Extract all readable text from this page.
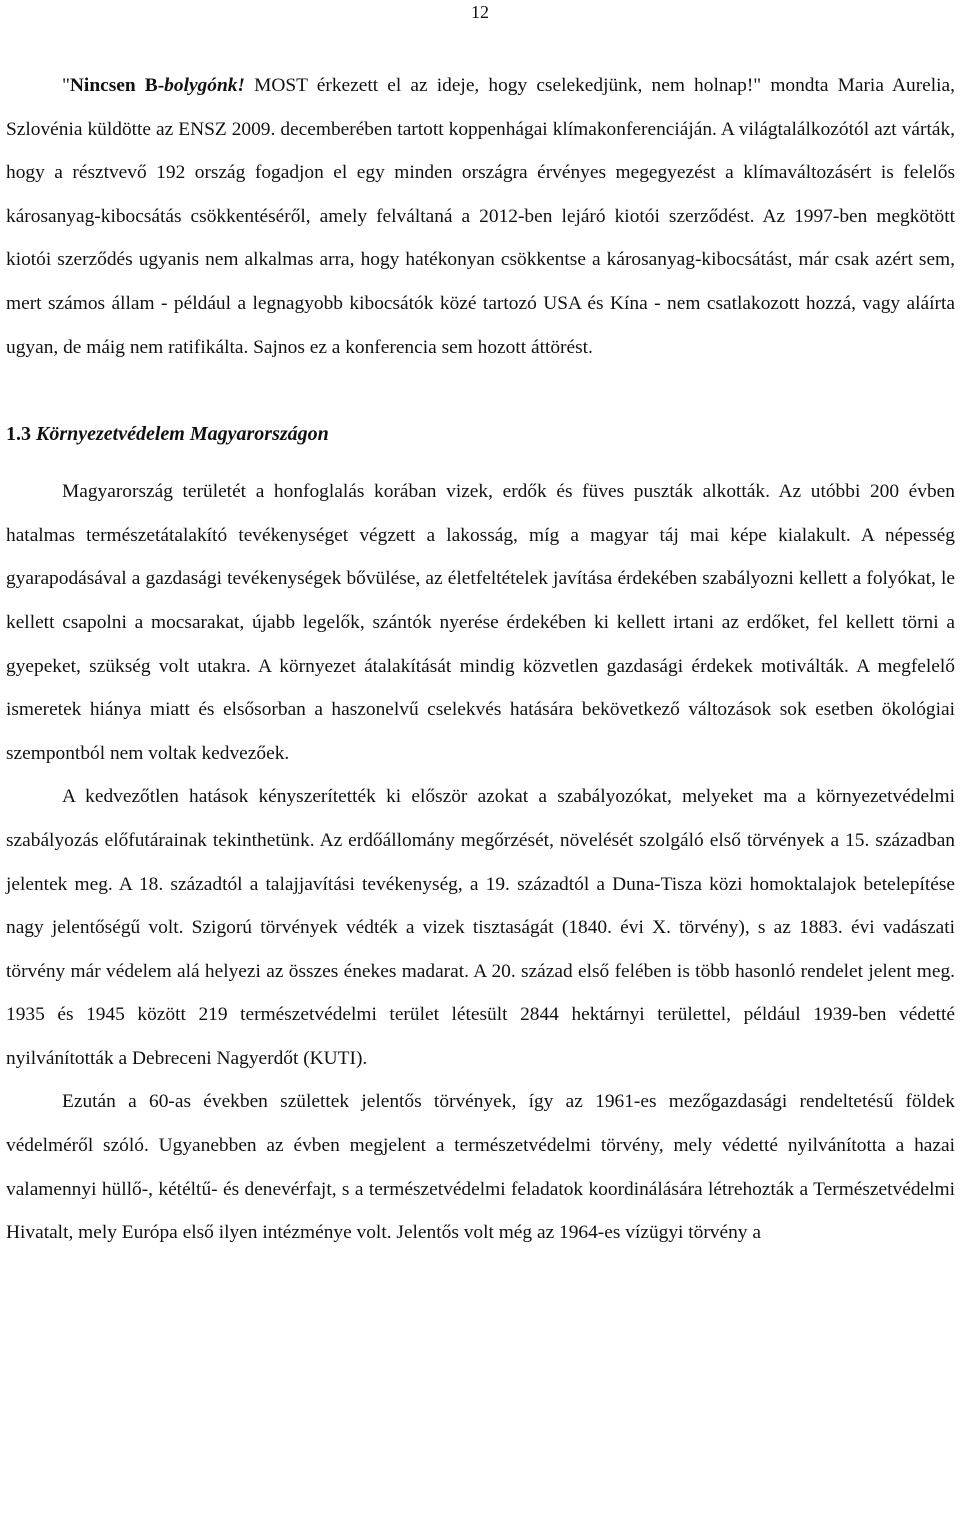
12

"Nincsen B-bolygónk! MOST érkezett el az ideje, hogy cselekedjünk, nem holnap!" mondta Maria Aurelia, Szlovénia küldötte az ENSZ 2009. decemberében tartott koppenhágai klímakonferenciáján. A világtalálkozótól azt várták, hogy a résztvevő 192 ország fogadjon el egy minden országra érvényes megegyezést a klímaváltozásért is felelős károsanyag-kibocsátás csökkentéséről, amely felváltaná a 2012-ben lejáró kiotói szerződést. Az 1997-ben megkötött kiotói szerződés ugyanis nem alkalmas arra, hogy hatékonyan csökkentse a károsanyag-kibocsátást, már csak azért sem, mert számos állam - például a legnagyobb kibocsátók közé tartozó USA és Kína - nem csatlakozott hozzá, vagy aláírta ugyan, de máig nem ratifikálta. Sajnos ez a konferencia sem hozott áttörést.

1.3 Környezetvédelem Magyarországon

Magyarország területét a honfoglalás korában vizek, erdők és füves puszták alkották. Az utóbbi 200 évben hatalmas természetátalakító tevékenységet végzett a lakosság, míg a magyar táj mai képe kialakult. A népesség gyarapodásával a gazdasági tevékenységek bővülése, az életfeltételek javítása érdekében szabályozni kellett a folyókat, le kellett csapolni a mocsarakat, újabb legelők, szántók nyerése érdekében ki kellett irtani az erdőket, fel kellett törni a gyepeket, szükség volt utakra. A környezet átalakítását mindig közvetlen gazdasági érdekek motiválták. A megfelelő ismeretek hiánya miatt és elsősorban a haszonelvű cselekvés hatására bekövetkező változások sok esetben ökológiai szempontból nem voltak kedvezőek.

A kedvezőtlen hatások kényszerítették ki először azokat a szabályozókat, melyeket ma a környezetvédelmi szabályozás előfutárainak tekinthetünk. Az erdőállomány megőrzését, növelését szolgáló első törvények a 15. században jelentek meg. A 18. századtól a talajjavítási tevékenység, a 19. századtól a Duna-Tisza közi homoktalajok betelepítése nagy jelentőségű volt. Szigorú törvények védték a vizek tisztaságát (1840. évi X. törvény), s az 1883. évi vadászati törvény már védelem alá helyezi az összes énekes madarat. A 20. század első felében is több hasonló rendelet jelent meg. 1935 és 1945 között 219 természetvédelmi terület létesült 2844 hektárnyi területtel, például 1939-ben védetté nyilvánították a Debreceni Nagyerdőt (KUTI).

Ezután a 60-as években születtek jelentős törvények, így az 1961-es mezőgazdasági rendeltetésű földek védelméről szóló. Ugyanebben az évben megjelent a természetvédelmi törvény, mely védetté nyilvánította a hazai valamennyi hüllő-, kétéltű- és denevérfajt, s a természetvédelmi feladatok koordinálására létrehozták a Természetvédelmi Hivatalt, mely Európa első ilyen intézménye volt. Jelentős volt még az 1964-es vízügyi törvény a
